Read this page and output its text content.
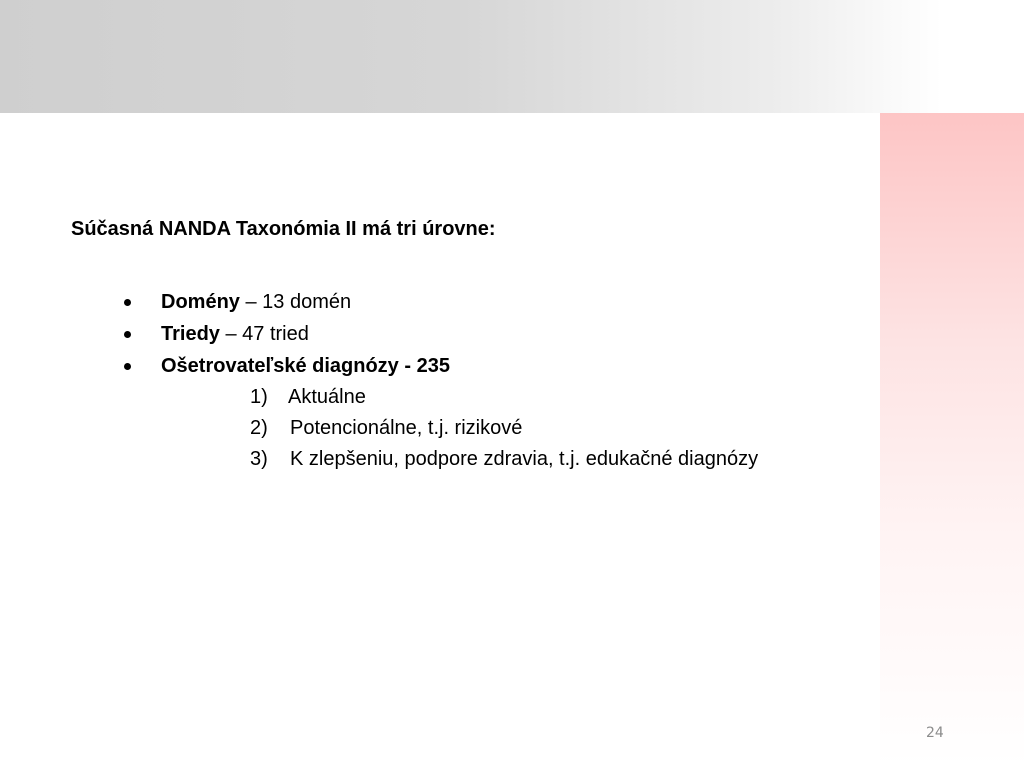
Súčasná NANDA Taxonómia II má tri úrovne:
Domény – 13 domén
Triedy – 47 tried
Ošetrovateľské diagnózy - 235
1) Aktuálne
2) Potencionálne, t.j. rizikové
3) K zlepšeniu, podpore zdravia, t.j. edukačné diagnózy
24
